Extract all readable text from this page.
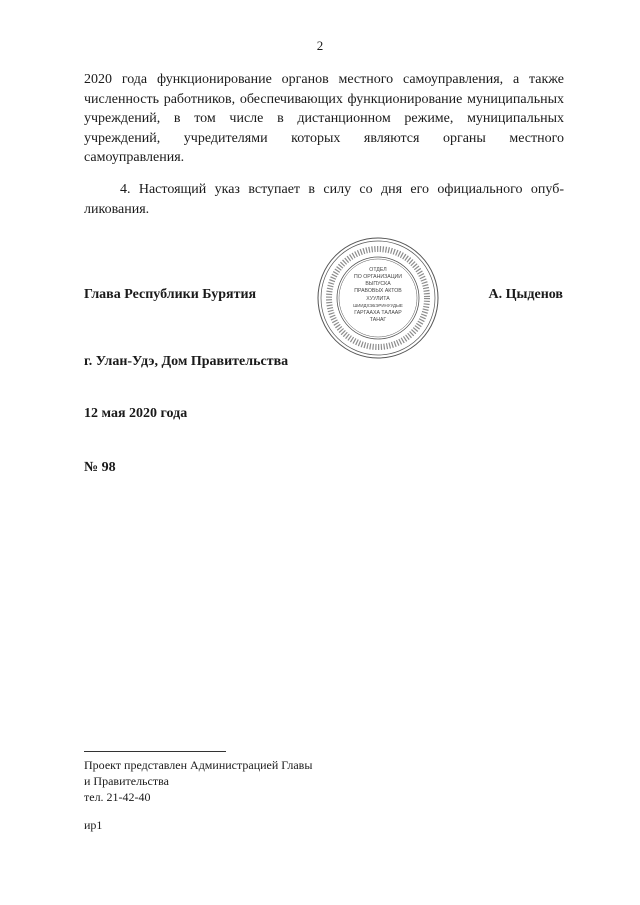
2

2020 года функционирование органов местного самоуправления, а также численность работников, обеспечивающих функционирование муниципальных учреждений, в том числе в дистанционном режиме, муниципальных учреждений, учредителями которых являются органы местного самоуправления.

4. Настоящий указ вступает в силу со дня его официального опубликования.

Глава Республики Бурятия
ОТДЕЛ
ПО ОРГАНИЗАЦИИ
ВЫПУСКА
ПРАВОВЫХ АКТОВ
ХУУЛИТА
ШИИДХЭБЭРИНУУДЫЕ
ГАРГААХА ТАЛААР
ТАНАГ
А. Цыденов
г. Улан-Удэ, Дом Правительства
12 мая 2020 года
№ 98
Проект представлен Администрацией Главы
и Правительства
тел. 21-42-40
ир1
